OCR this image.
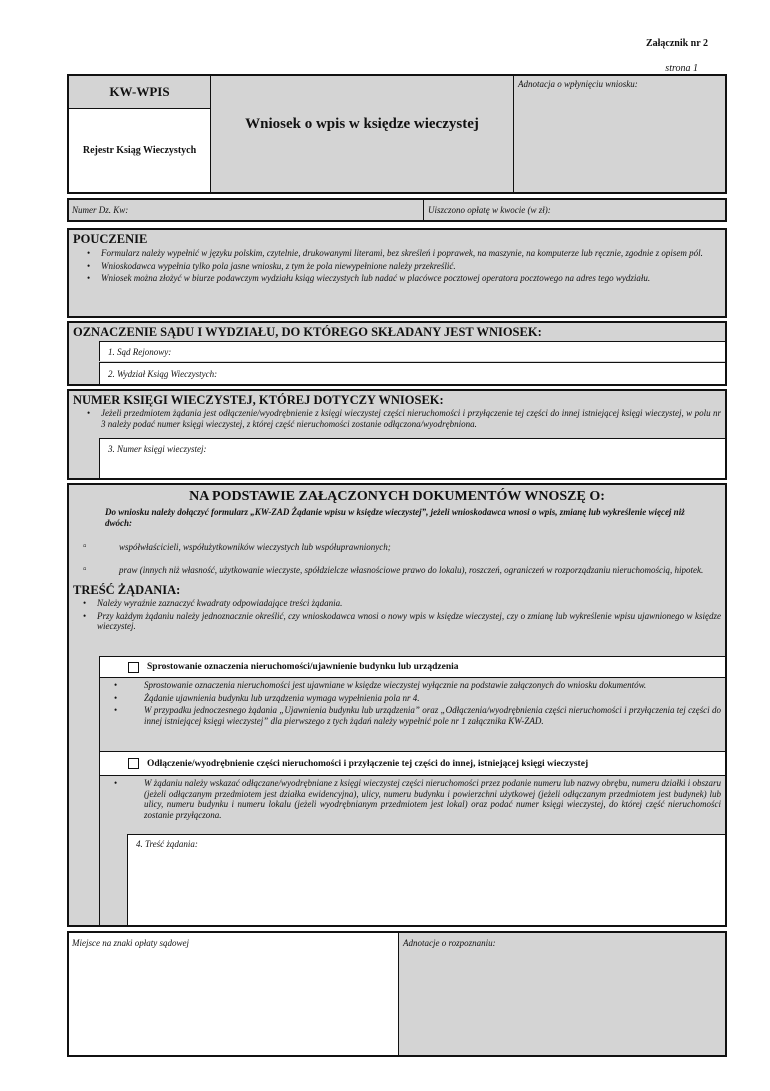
Załącznik nr 2
strona 1
KW-WPIS
Rejestr Ksiąg Wieczystych
Wniosek o wpis w księdze wieczystej
Adnotacja o wpłynięciu wniosku:
Numer Dz. Kw:	Uiszczono opłatę w kwocie (w zł):
POUCZENIE
• Formularz należy wypełnić w języku polskim, czytelnie, drukowanymi literami, bez skreśleń i poprawek, na maszynie, na komputerze lub ręcznie, zgodnie z opisem pól.
• Wnioskodawca wypełnia tylko pola jasne wniosku, z tym że pola niewypełnione należy przekreślić.
• Wniosek można złożyć w biurze podawczym wydziału ksiąg wieczystych lub nadać w placówce pocztowej operatora pocztowego na adres tego wydziału.
OZNACZENIE SĄDU I WYDZIAŁU, DO KTÓREGO SKŁADANY JEST WNIOSEK:
1. Sąd Rejonowy:
2. Wydział Ksiąg Wieczystych:
NUMER KSIĘGI WIECZYSTEJ, KTÓREJ DOTYCZY WNIOSEK:
• Jeżeli przedmiotem żądania jest odłączenie/wyodrębnienie z księgi wieczystej części nieruchomości i przyłączenie tej części do innej istniejącej księgi wieczystej, w polu nr 3 należy podać numer księgi wieczystej, z której część nieruchomości zostanie odłączona/wyodrębniona.
3. Numer księgi wieczystej:
NA PODSTAWIE ZAŁĄCZONYCH DOKUMENTÓW WNOSZĘ O:
Do wniosku należy dołączyć formularz „KW-ZAD Żądanie wpisu w księdze wieczystej”, jeżeli wnioskodawca wnosi o wpis, zmianę lub wykreślenie więcej niż dwóch:
▫ współwłaścicieli, współużytkowników wieczystych lub współuprawnionych;
▫ praw (innych niż własność, użytkowanie wieczyste, spółdzielcze własnościowe prawo do lokalu), roszczeń, ograniczeń w rozporządzaniu nieruchomością, hipotek.
TREŚĆ ŻĄDANIA:
• Należy wyraźnie zaznaczyć kwadraty odpowiadające treści żądania.
• Przy każdym żądaniu należy jednoznacznie określić, czy wnioskodawca wnosi o nowy wpis w księdze wieczystej, czy o zmianę lub wykreślenie wpisu ujawnionego w księdze wieczystej.
Sprostowanie oznaczenia nieruchomości/ujawnienie budynku lub urządzenia
• Sprostowanie oznaczenia nieruchomości jest ujawniane w księdze wieczystej wyłącznie na podstawie załączonych do wniosku dokumentów.
• Żądanie ujawnienia budynku lub urządzenia wymaga wypełnienia pola nr 4.
• W przypadku jednoczesnego żądania „Ujawnienia budynku lub urządzenia” oraz „Odłączenia/wyodrębnienia części nieruchomości i przyłączenia tej części do innej istniejącej księgi wieczystej” dla pierwszego z tych żądań należy wypełnić pole nr 1 załącznika KW-ZAD.
Odłączenie/wyodrębnienie części nieruchomości i przyłączenie tej części do innej, istniejącej księgi wieczystej
• W żądaniu należy wskazać odłączane/wyodrębniane z księgi wieczystej części nieruchomości przez podanie numeru lub nazwy obrębu, numeru działki i obszaru (jeżeli odłączanym przedmiotem jest działka ewidencyjna), ulicy, numeru budynku i powierzchni użytkowej (jeżeli odłączanym przedmiotem jest budynek) lub ulicy, numeru budynku i numeru lokalu (jeżeli wyodrębnianym przedmiotem jest lokal) oraz podać numer księgi wieczystej, do której część nieruchomości zostanie przyłączona.
4. Treść żądania:
Miejsce na znaki opłaty sądowej	Adnotacje o rozpoznaniu:
